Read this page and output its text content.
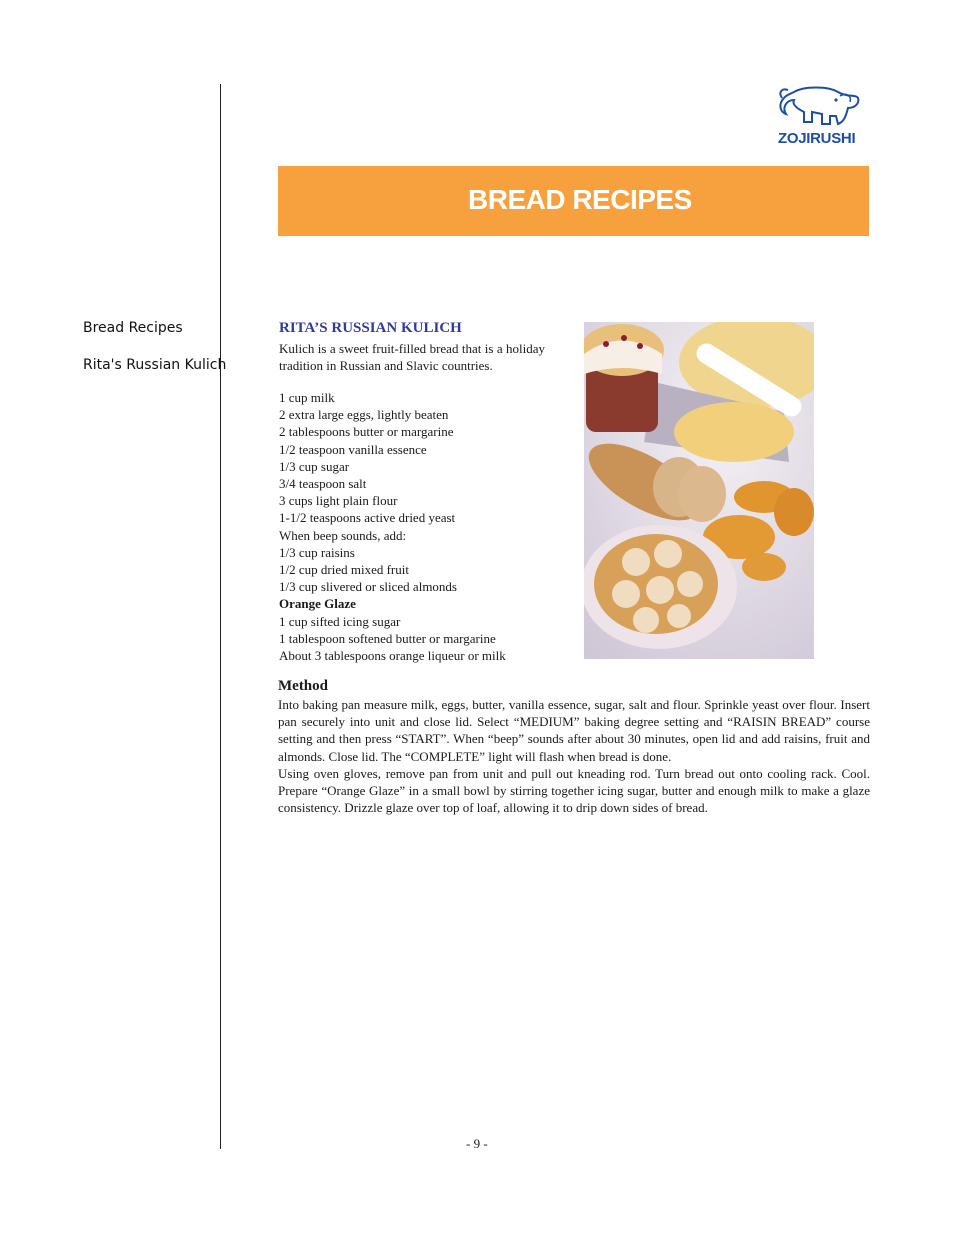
ZOJIRUSHI
BREAD RECIPES
Bread Recipes
Rita's Russian Kulich
RITA’S RUSSIAN KULICH
Kulich is a sweet fruit-filled bread that is a holiday tradition in Russian and Slavic countries.
1 cup milk
2 extra large eggs, lightly beaten
2 tablespoons butter or margarine
1/2 teaspoon vanilla essence
1/3 cup sugar
3/4 teaspoon salt
3 cups light plain flour
1-1/2 teaspoons active dried yeast
When beep sounds, add:
1/3 cup raisins
1/2 cup dried mixed fruit
1/3 cup slivered or sliced almonds
Orange Glaze
1 cup sifted icing sugar
1 tablespoon softened butter or margarine
About 3 tablespoons orange liqueur or milk
Method

Into baking pan measure milk, eggs, butter, vanilla essence, sugar, salt and flour. Sprinkle yeast over flour. Insert pan securely into unit and close lid. Select “MEDIUM” baking degree setting and “RAISIN BREAD” course setting and then press “START”. When “beep” sounds after about 30 minutes, open lid and add raisins, fruit and almonds. Close lid. The “COMPLETE” light will flash when bread is done.

Using oven gloves, remove pan from unit and pull out kneading rod. Turn bread out onto cooling rack. Cool. Prepare “Orange Glaze” in a small bowl by stirring together icing sugar, butter and enough milk to make a glaze consistency. Drizzle glaze over top of loaf, allowing it to drip down sides of bread.

- 9 -
